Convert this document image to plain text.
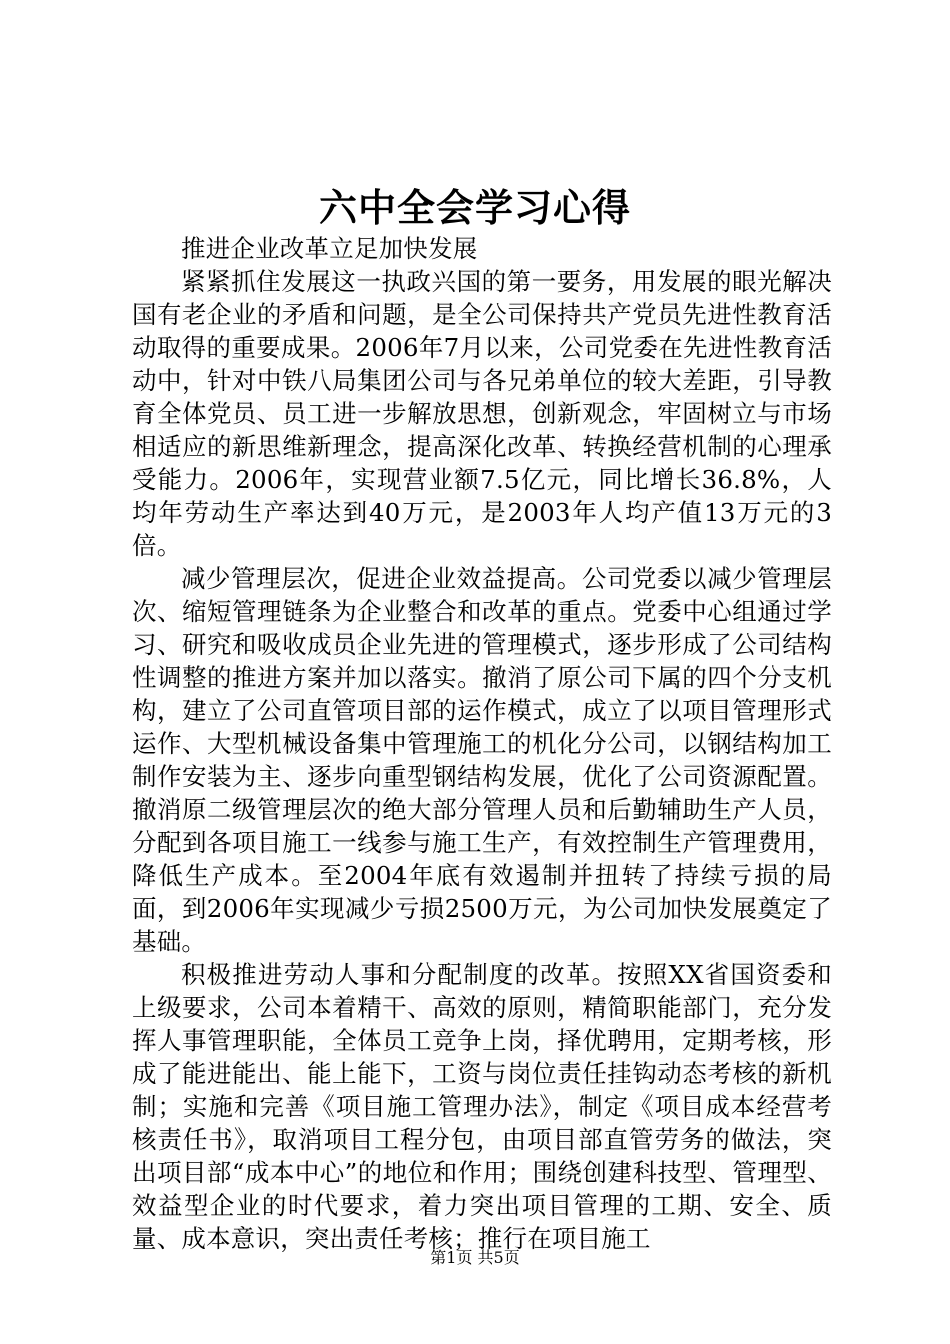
六中全会学习心得

推进企业改革立足加快发展

紧紧抓住发展这一执政兴国的第一要务，用发展的眼光解决国有老企业的矛盾和问题，是全公司保持共产党员先进性教育活动取得的重要成果。2006年7月以来，公司党委在先进性教育活动中，针对中铁八局集团公司与各兄弟单位的较大差距，引导教育全体党员、员工进一步解放思想，创新观念，牢固树立与市场相适应的新思维新理念，提高深化改革、转换经营机制的心理承受能力。2006年，实现营业额7.5亿元，同比增长36.8%，人均年劳动生产率达到40万元，是2003年人均产值13万元的3倍。

减少管理层次，促进企业效益提高。公司党委以减少管理层次、缩短管理链条为企业整合和改革的重点。党委中心组通过学习、研究和吸收成员企业先进的管理模式，逐步形成了公司结构性调整的推进方案并加以落实。撤消了原公司下属的四个分支机构，建立了公司直管项目部的运作模式，成立了以项目管理形式运作、大型机械设备集中管理施工的机化分公司，以钢结构加工制作安装为主、逐步向重型钢结构发展，优化了公司资源配置。撤消原二级管理层次的绝大部分管理人员和后勤辅助生产人员，分配到各项目施工一线参与施工生产，有效控制生产管理费用，降低生产成本。至2004年底有效遏制并扭转了持续亏损的局面，到2006年实现减少亏损2500万元，为公司加快发展奠定了基础。

积极推进劳动人事和分配制度的改革。按照XX省国资委和上级要求，公司本着精干、高效的原则，精简职能部门，充分发挥人事管理职能，全体员工竞争上岗，择优聘用，定期考核，形成了能进能出、能上能下，工资与岗位责任挂钩动态考核的新机制；实施和完善《项目施工管理办法》，制定《项目成本经营考核责任书》，取消项目工程分包，由项目部直管劳务的做法，突出项目部“成本中心”的地位和作用；围绕创建科技型、管理型、效益型企业的时代要求，着力突出项目管理的工期、安全、质量、成本意识，突出责任考核；推行在项目施工

第1页 共5页
